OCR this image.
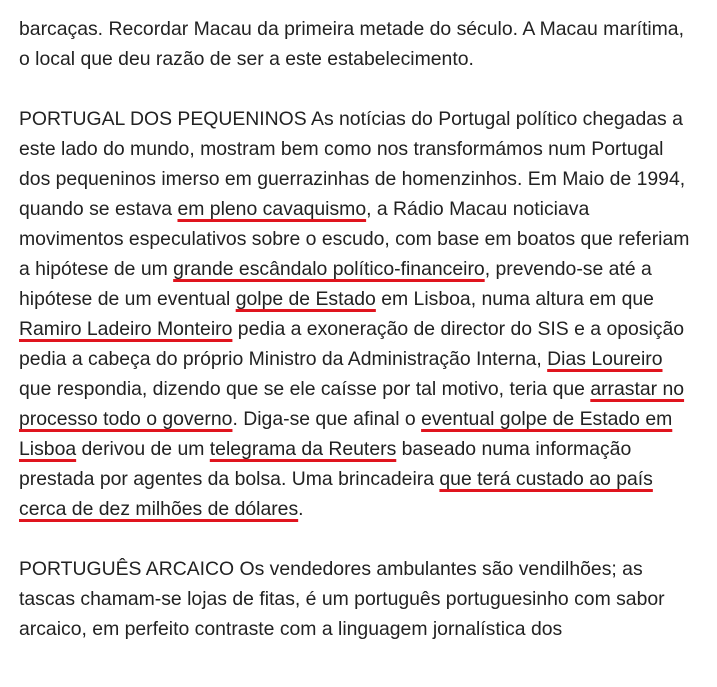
barcaças. Recordar Macau da primeira metade do século. A Macau marítima, o local que deu razão de ser a este estabelecimento.

PORTUGAL DOS PEQUENINOS As notícias do Portugal político chegadas a este lado do mundo, mostram bem como nos transformámos num Portugal dos pequeninos imerso em guerrazinhas de homenzinhos. Em Maio de 1994, quando se estava em pleno cavaquismo, a Rádio Macau noticiava movimentos especulativos sobre o escudo, com base em boatos que referiam a hipótese de um grande escândalo político-financeiro, prevendo-se até a hipótese de um eventual golpe de Estado em Lisboa, numa altura em que Ramiro Ladeiro Monteiro pedia a exoneração de director do SIS e a oposição pedia a cabeça do próprio Ministro da Administração Interna, Dias Loureiro que respondia, dizendo que se ele caísse por tal motivo, teria que arrastar no processo todo o governo. Diga-se que afinal o eventual golpe de Estado em Lisboa derivou de um telegrama da Reuters baseado numa informação prestada por agentes da bolsa. Uma brincadeira que terá custado ao país cerca de dez milhões de dólares.

PORTUGUÊS ARCAICO Os vendedores ambulantes são vendilhões; as tascas chamam-se lojas de fitas, é um português portuguesinho com sabor arcaico, em perfeito contraste com a linguagem jornalística dos
